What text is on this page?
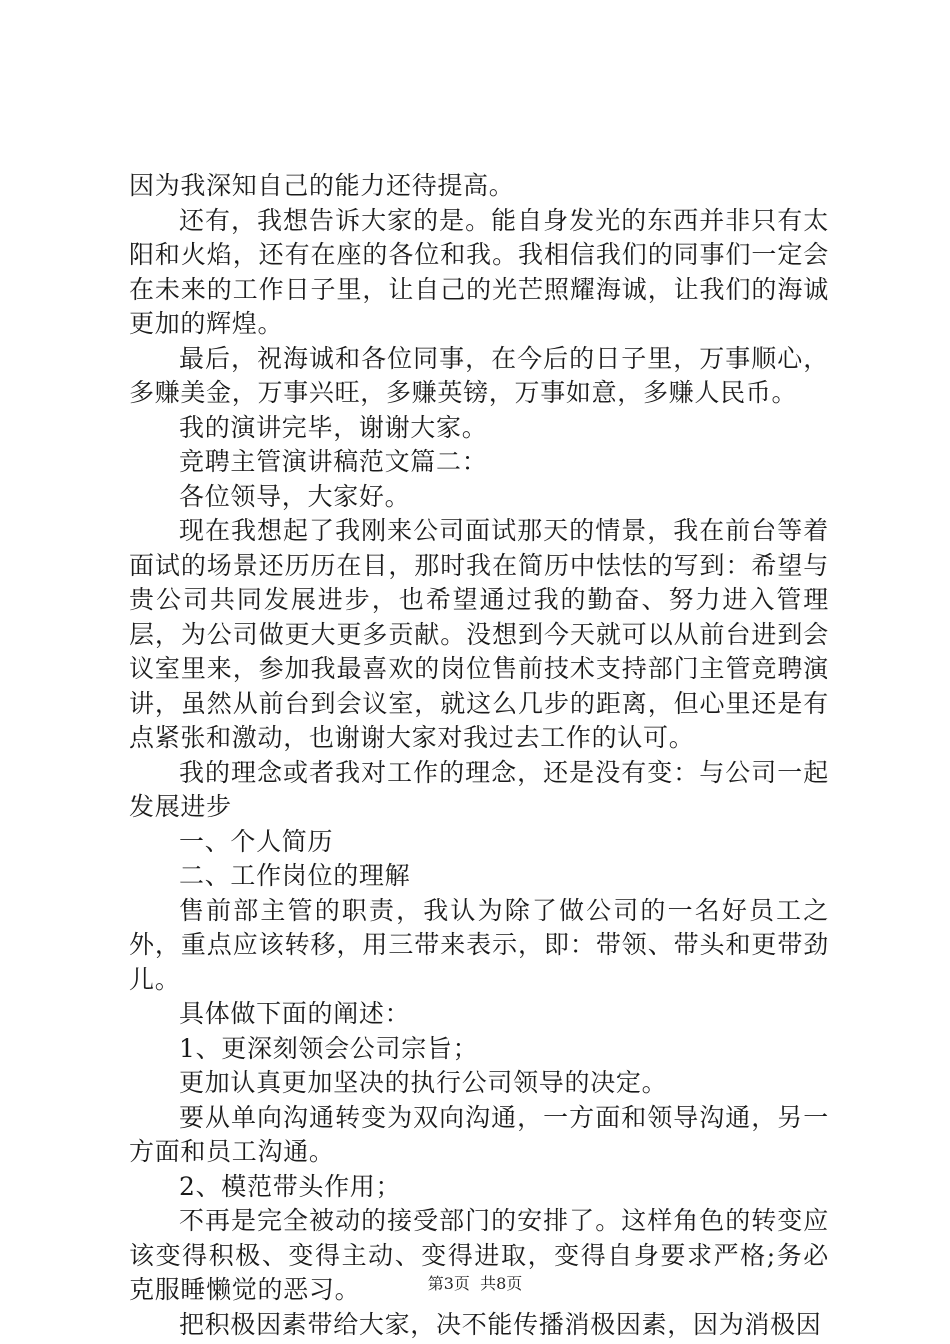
因为我深知自己的能力还待提高。

还有，我想告诉大家的是。能自身发光的东西并非只有太阳和火焰，还有在座的各位和我。我相信我们的同事们一定会在未来的工作日子里，让自己的光芒照耀海诚，让我们的海诚更加的辉煌。

最后，祝海诚和各位同事，在今后的日子里，万事顺心，多赚美金，万事兴旺，多赚英镑，万事如意，多赚人民币。

我的演讲完毕，谢谢大家。

竞聘主管演讲稿范文篇二：

各位领导，大家好。

现在我想起了我刚来公司面试那天的情景，我在前台等着面试的场景还历历在目，那时我在简历中怯怯的写到：希望与贵公司共同发展进步，也希望通过我的勤奋、努力进入管理层，为公司做更大更多贡献。没想到今天就可以从前台进到会议室里来，参加我最喜欢的岗位售前技术支持部门主管竞聘演讲，虽然从前台到会议室，就这么几步的距离，但心里还是有点紧张和激动，也谢谢大家对我过去工作的认可。

我的理念或者我对工作的理念，还是没有变：与公司一起发展进步

一、个人简历

二、工作岗位的理解

售前部主管的职责，我认为除了做公司的一名好员工之外，重点应该转移，用三带来表示，即：带领、带头和更带劲儿。

具体做下面的阐述：

1、更深刻领会公司宗旨；

更加认真更加坚决的执行公司领导的决定。

要从单向沟通转变为双向沟通，一方面和领导沟通，另一方面和员工沟通。

2、模范带头作用；

不再是完全被动的接受部门的安排了。这样角色的转变应该变得积极、变得主动、变得进取，变得自身要求严格;务必克服睡懒觉的恶习。

把积极因素带给大家，决不能传播消极因素，因为消极因

第3页 共8页
